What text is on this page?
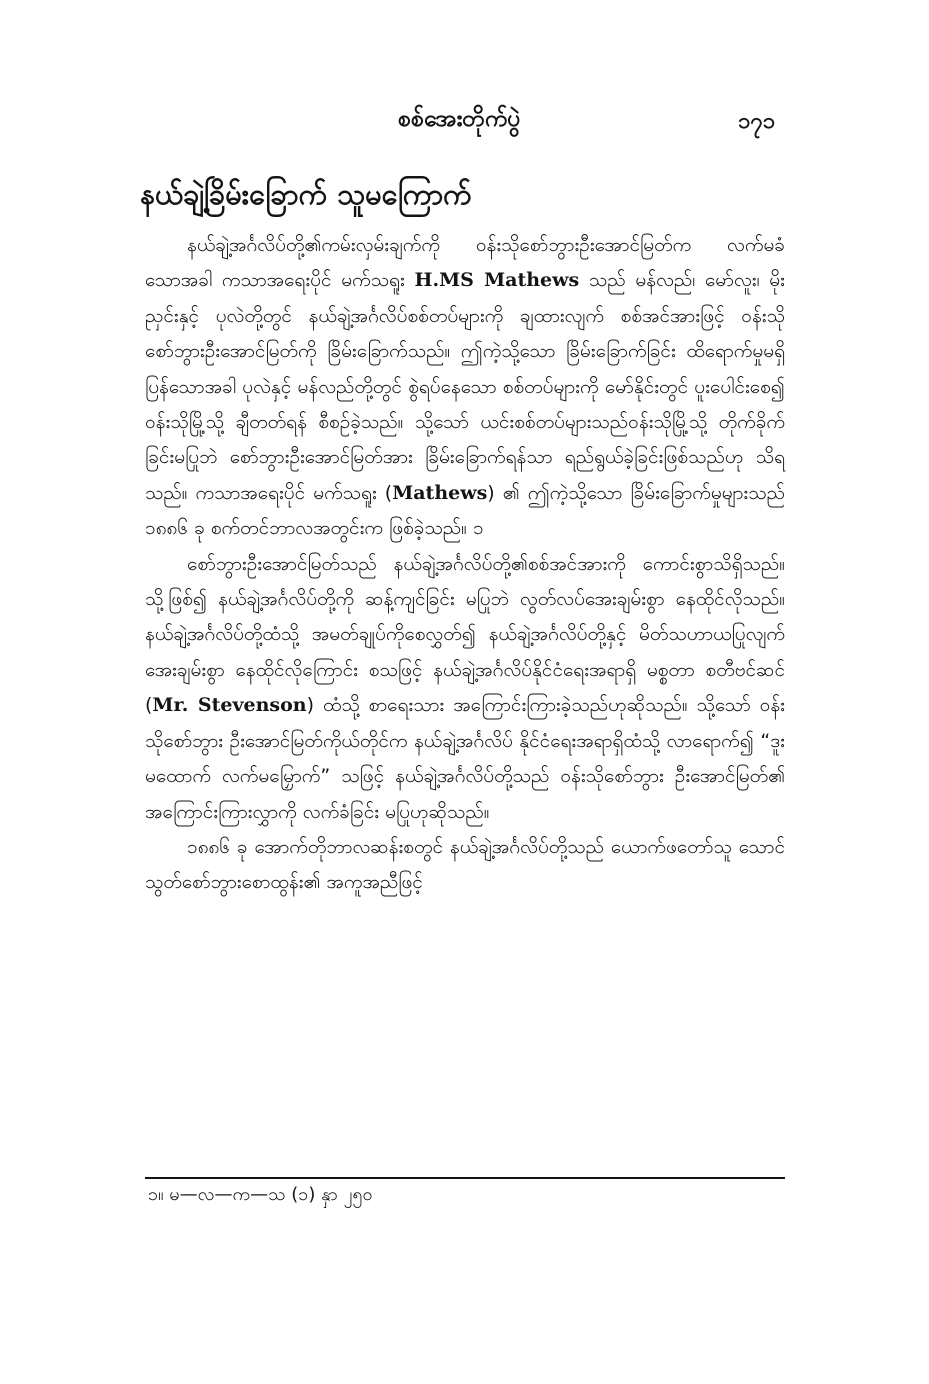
စစ်အေးတိုက်ပွဲ	၁၇၁
နယ်ချဲ့ခြိမ်းခြောက် သူမကြောက်

နယ်ချဲ့အင်္ဂလိပ်တို့၏ကမ်းလှမ်းချက်ကို ဝန်းသိုစော်ဘွားဦးအောင်မြတ်က လက်မခံသောအခါ ကသာအရေးပိုင် မက်သရူး H.MS Mathews သည် မန်လည်၊ မော်လူး၊ မိုးညှင်းနှင့် ပုလဲတို့တွင် နယ်ချဲ့အင်္ဂလိပ်စစ်တပ်များကို ချထားလျက် စစ်အင်အားဖြင့် ဝန်းသိုစော်ဘွားဦးအောင်မြတ်ကို ခြိမ်းခြောက်သည်။ ဤကဲ့သို့သော ခြိမ်းခြောက်ခြင်း ထိရောက်မှုမရှိပြန်သောအခါ ပုလဲနှင့် မန်လည်တို့တွင် စွဲရပ်နေသော စစ်တပ်များကို မော်နိုင်းတွင် ပူးပေါင်းစေ၍ ဝန်းသိုမြို့သို့ ချီတတ်ရန် စီစဉ်ခဲ့သည်။ သို့သော် ယင်းစစ်တပ်များသည်ဝန်းသိုမြို့သို့ တိုက်ခိုက်ခြင်းမပြုဘဲ စော်ဘွားဦးအောင်မြတ်အား ခြိမ်းခြောက်ရန်သာ ရည်ရွယ်ခဲ့ခြင်းဖြစ်သည်ဟု သိရသည်။ ကသာအရေးပိုင် မက်သရူး (Mathews) ၏ ဤကဲ့သို့သော ခြိမ်းခြောက်မှုများသည် ၁၈၈၆ ခု စက်တင်ဘာလအတွင်းက ဖြစ်ခဲ့သည်။ ၁

စော်ဘွားဦးအောင်မြတ်သည် နယ်ချဲ့အင်္ဂလိပ်တို့၏စစ်အင်အားကို ကောင်းစွာသိရှိသည်။ သို့ဖြစ်၍ နယ်ချဲ့အင်္ဂလိပ်တို့ကို ဆန့်ကျင်ခြင်း မပြုဘဲ လွတ်လပ်အေးချမ်းစွာ နေထိုင်လိုသည်။ နယ်ချဲ့အင်္ဂလိပ်တို့ထံသို့ အမတ်ချုပ်ကိုစေလွှတ်၍ နယ်ချဲ့အင်္ဂလိပ်တို့နှင့် မိတ်သဟာယပြုလျက် အေးချမ်းစွာ နေထိုင်လိုကြောင်း စသဖြင့် နယ်ချဲ့အင်္ဂလိပ်နိုင်ငံရေးအရာရှိ မစ္စတာ စတီဗင်ဆင် (Mr. Stevenson) ထံသို့ စာရေးသား အကြောင်းကြားခဲ့သည်ဟုဆိုသည်။ သို့သော် ဝန်းသိုစော်ဘွား ဦးအောင်မြတ်ကိုယ်တိုင်က နယ်ချဲ့အင်္ဂလိပ် နိုင်ငံရေးအရာရှိထံသို့ လာရောက်၍ “ဒူးမထောက် လက်မမြှောက်” သဖြင့် နယ်ချဲ့အင်္ဂလိပ်တို့သည် ဝန်းသိုစော်ဘွား ဦးအောင်မြတ်၏ အကြောင်းကြားလွှာကို လက်ခံခြင်း မပြုဟုဆိုသည်။

၁၈၈၆ ခု အောက်တိုဘာလဆန်းစတွင် နယ်ချဲ့အင်္ဂလိပ်တို့သည် ယောက်ဖတော်သူ သောင်သွတ်စော်ဘွားစောထွန်း၏ အကူအညီဖြင့်

၁။ မ—လ—က—သ (၁) နှာ ၂၅၀
